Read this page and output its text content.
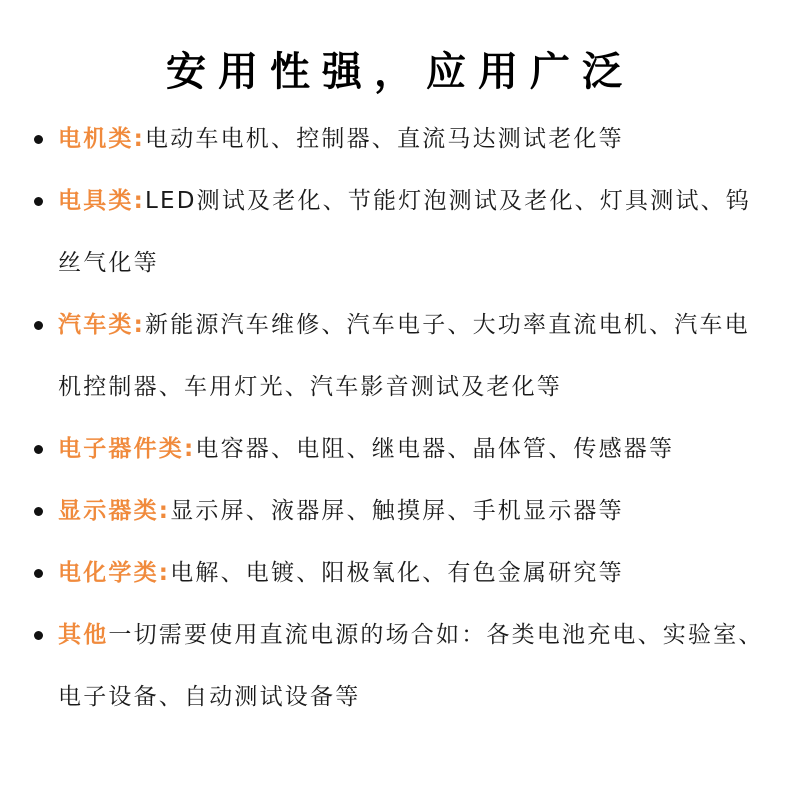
安用性强，应用广泛
电机类:电动车电机、控制器、直流马达测试老化等
电具类:LED测试及老化、节能灯泡测试及老化、灯具测试、钨丝气化等
汽车类:新能源汽车维修、汽车电子、大功率直流电机、汽车电机控制器、车用灯光、汽车影音测试及老化等
电子器件类:电容器、电阻、继电器、晶体管、传感器等
显示器类:显示屏、液器屏、触摸屏、手机显示器等
电化学类:电解、电镀、阳极氧化、有色金属研究等
其他一切需要使用直流电源的场合如：各类电池充电、实验室、电子设备、自动测试设备等
